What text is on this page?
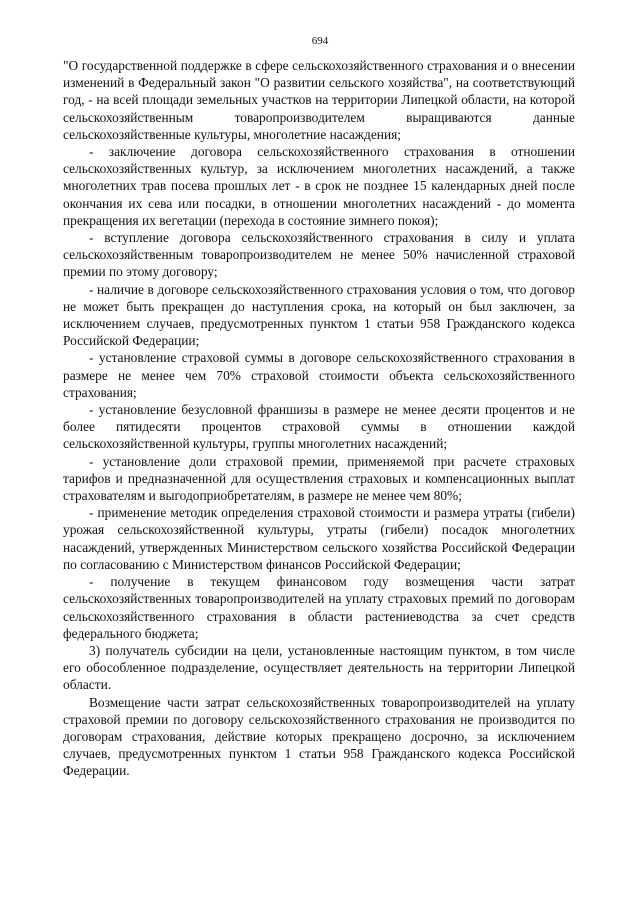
694

"О государственной поддержке в сфере сельскохозяйственного страхования и о внесении изменений в Федеральный закон "О развитии сельского хозяйства", на соответствующий год, - на всей площади земельных участков на территории Липецкой области, на которой сельскохозяйственным товаропроизводителем выращиваются данные сельскохозяйственные культуры, многолетние насаждения;

- заключение договора сельскохозяйственного страхования в отношении сельскохозяйственных культур, за исключением многолетних насаждений, а также многолетних трав посева прошлых лет - в срок не позднее 15 календарных дней после окончания их сева или посадки, в отношении многолетних насаждений - до момента прекращения их вегетации (перехода в состояние зимнего покоя);

- вступление договора сельскохозяйственного страхования в силу и уплата сельскохозяйственным товаропроизводителем не менее 50% начисленной страховой премии по этому договору;

- наличие в договоре сельскохозяйственного страхования условия о том, что договор не может быть прекращен до наступления срока, на который он был заключен, за исключением случаев, предусмотренных пунктом 1 статьи 958 Гражданского кодекса Российской Федерации;

- установление страховой суммы в договоре сельскохозяйственного страхования в размере не менее чем 70% страховой стоимости объекта сельскохозяйственного страхования;

- установление безусловной франшизы в размере не менее десяти процентов и не более пятидесяти процентов страховой суммы в отношении каждой сельскохозяйственной культуры, группы многолетних насаждений;

- установление доли страховой премии, применяемой при расчете страховых тарифов и предназначенной для осуществления страховых и компенсационных выплат страхователям и выгодоприобретателям, в размере не менее чем 80%;

- применение методик определения страховой стоимости и размера утраты (гибели) урожая сельскохозяйственной культуры, утраты (гибели) посадок многолетних насаждений, утвержденных Министерством сельского хозяйства Российской Федерации по согласованию с Министерством финансов Российской Федерации;

- получение в текущем финансовом году возмещения части затрат сельскохозяйственных товаропроизводителей на уплату страховых премий по договорам сельскохозяйственного страхования в области растениеводства за счет средств федерального бюджета;

3) получатель субсидии на цели, установленные настоящим пунктом, в том числе его обособленное подразделение, осуществляет деятельность на территории Липецкой области.

Возмещение части затрат сельскохозяйственных товаропроизводителей на уплату страховой премии по договору сельскохозяйственного страхования не производится по договорам страхования, действие которых прекращено досрочно, за исключением случаев, предусмотренных пунктом 1 статьи 958 Гражданского кодекса Российской Федерации.
